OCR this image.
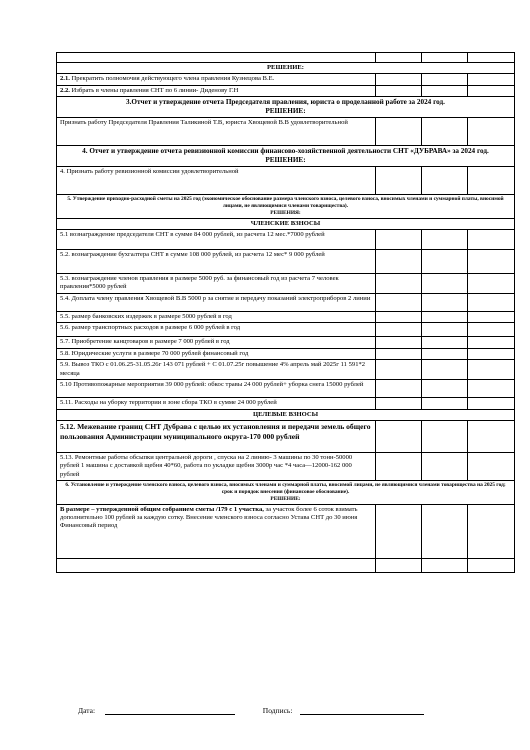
РЕШЕНИЕ:			

2.1. Прекратить полномочия действующего члена правления Кузнецова В.Е.			
2.2. Избрать в члены правления СНТ по 6 линии- Диденову Г.Н			

3.Отчет и утверждение отчета Председателя правления, юриста о проделанной работе за 2024 год.
РЕШЕНИЕ:			

Признать работу Председателя Правления Таликиной Т.В, юриста Хвощевой В.В удовлетворительной			

4. Отчет и утверждение отчета ревизионной комиссии финансово-хозяйственной деятельности СНТ «ДУБРАВА» за 2024 год.
РЕШЕНИЕ:			

4. Признать работу ревизионной комиссии удовлетворительной			

5. Утверждение приходно-расходной сметы на 2025 год (экономическое обоснование размера членского взноса, целевого взноса, вносимых членами и суммарной платы, вносимой лицами, не являющимися членами товарищества).
РЕШЕНИЯ:			

ЧЛЕНСКИЕ ВЗНОСЫ			

5.1 вознаграждение председателя СНТ в сумме 84 000 рублей, из расчета 12 мес.*7000 рублей			
5.2. вознаграждение бухгалтера СНТ в сумме 108 000 рублей, из расчета 12 мес* 9 000 рублей			
5.3. вознаграждение членов правления в размере 5000 руб. за финансовый год из расчета 7 человек правления*5000 рублей			
5.4. Доплата члену правления Хвощевой В.В 5000 р за снятие и передачу показаний электроприборов 2 линии			
5.5. размер банковских издержек в размере 5000 рублей в год			
5.6. размер транспортных расходов в размере 6 000 рублей в год			
5.7. Приобретение канцтоваров в размере 7 000 рублей в год			
5.8. Юридические услуги в размере 70 000 рублей финансовый год			
5.9. Вывоз ТКО с 01.06.25-31.05.26г 143 071 рублей + С 01.07.25г повышение 4% апрель май 2025г 11 591*2 месяца			
5.10 Противопожарные мероприятия 39 000 рублей: обкос травы 24 000 рублей+ уборка снега 15000 рублей			
5.11. Расходы на уборку территории в зоне сбора ТКО в сумме 24 000 рублей			

ЦЕЛЕВЫЕ ВЗНОСЫ			

5.12. Межевание границ СНТ Дубрава с целью их установления и передачи земель общего пользования Администрации муниципального округа-170 000 рублей			
5.13. Ремонтные работы обсыпки центральной дороги , спуска на 2 линию- 3 машины по 30 тонн-50000 рублей 1 машина с доставкой щебня 40*60, работа по укладке щебня 3000р час *4 часа—12000-162 000 рублей			

6. Установление и утверждение членского взноса, целевого взноса, вносимых членами и суммарной платы, вносимой лицами, не являющимися членами товарищества на 2025 год; срок и порядок внесения (финансовое обоснование).
РЕШЕНИЕ:			

В размере – утвержденной общим собранием сметы /179 с 1 участка, за участок более 6 соток взимать дополнительно 100 рублей за каждую сотку. Внесение членского взноса согласно Устава СНТ до 30 июня Финансовый период			

Дата:	Подпись:
